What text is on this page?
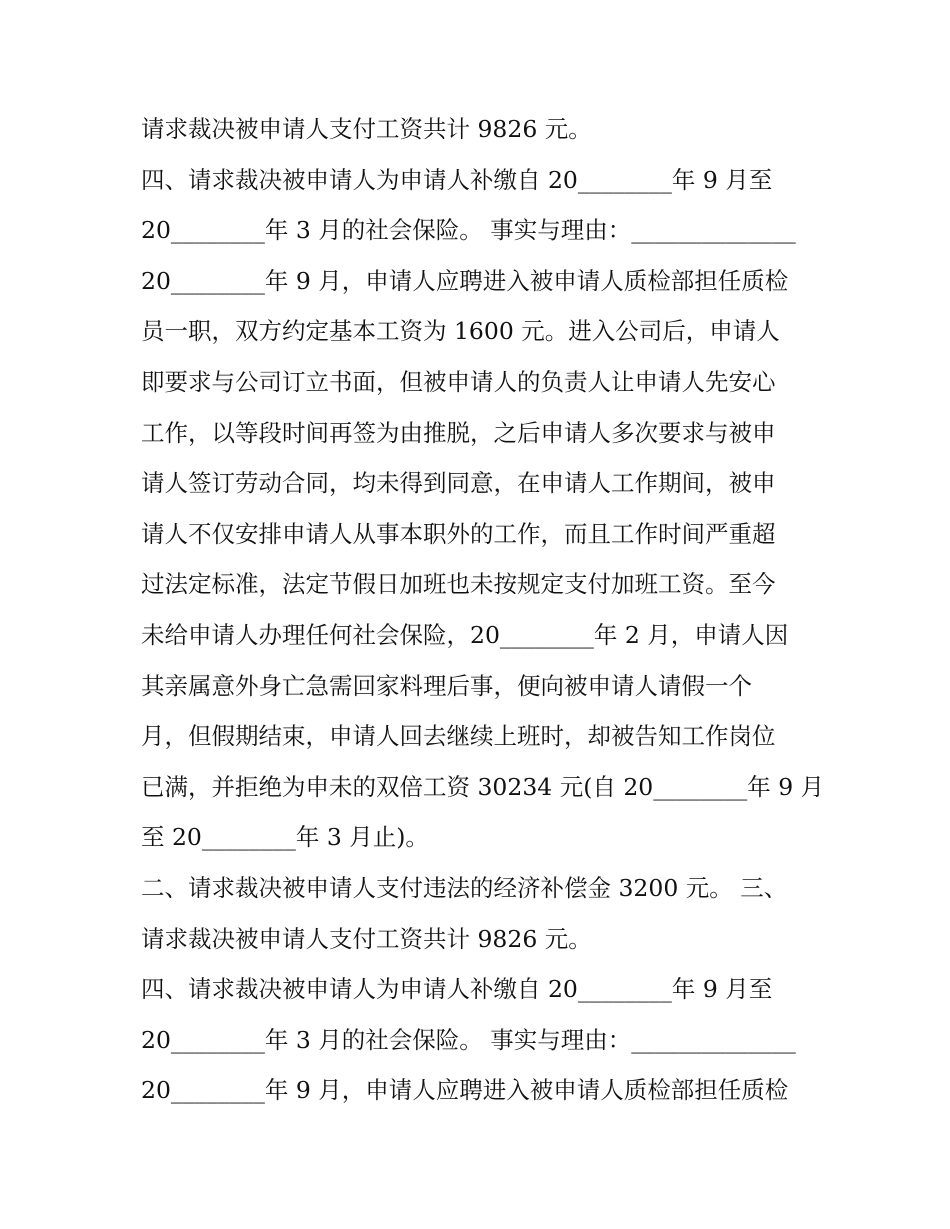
请求裁决被申请人支付工资共计 9826 元。
四、请求裁决被申请人为申请人补缴自 20________年 9 月至
20________年 3 月的社会保险。 事实与理由：______________
20________年 9 月，申请人应聘进入被申请人质检部担任质检
员一职，双方约定基本工资为 1600 元。进入公司后，申请人
即要求与公司订立书面，但被申请人的负责人让申请人先安心
工作，以等段时间再签为由推脱，之后申请人多次要求与被申
请人签订劳动合同，均未得到同意，在申请人工作期间，被申
请人不仅安排申请人从事本职外的工作，而且工作时间严重超
过法定标准，法定节假日加班也未按规定支付加班工资。至今
未给申请人办理任何社会保险，20________年 2 月，申请人因
其亲属意外身亡急需回家料理后事，便向被申请人请假一个
月，但假期结束，申请人回去继续上班时，却被告知工作岗位
已满，并拒绝为申未的双倍工资 30234 元(自 20________年 9 月
至 20________年 3 月止)。
二、请求裁决被申请人支付违法的经济补偿金 3200 元。 三、
请求裁决被申请人支付工资共计 9826 元。
四、请求裁决被申请人为申请人补缴自 20________年 9 月至
20________年 3 月的社会保险。 事实与理由：______________
20________年 9 月，申请人应聘进入被申请人质检部担任质检
